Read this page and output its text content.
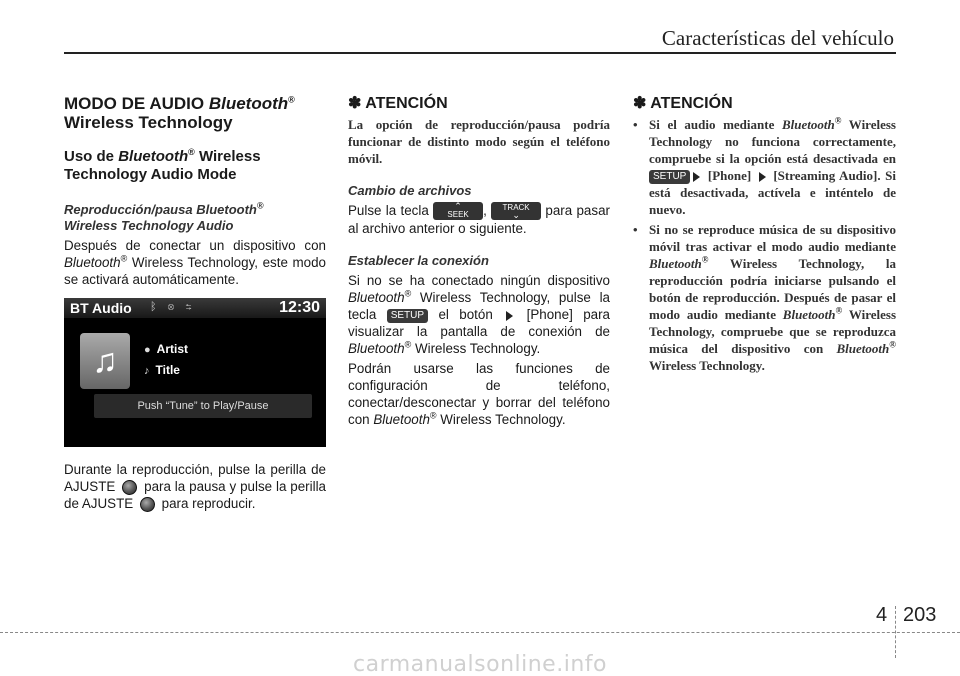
Características del vehículo
MODO DE AUDIO Bluetooth®
Wireless Technology
Uso de Bluetooth® Wireless Technology Audio Mode
Reproducción/pausa Bluetooth®
Wireless Technology Audio
Después de conectar un dispositivo con Bluetooth® Wireless Technology, este modo se activará automáticamente.
BT Audio ᛒ ⊗ ⇆	12:30
♫	● Artist
♪ Title
Push “Tune” to Play/Pause
Durante la reproducción, pulse la perilla de AJUSTE  para la pausa y pulse la perilla de AJUSTE  para reproducir.
✽ ATENCIÓN
La opción de reproducción/pausa podría funcionar de distinto modo según el teléfono móvil.
Cambio de archivos
Pulse la tecla	⌃
SEEK	,	TRACK
⌄	para pasar al archivo anterior o siguiente.
Establecer la conexión
Si no se ha conectado ningún dispositivo Bluetooth® Wireless Technology, pulse la tecla SETUP el botón  [Phone] para visualizar la pantalla de conexión de Bluetooth® Wireless Technology.
Podrán usarse las funciones de configuración de teléfono, conectar/desconectar y borrar del teléfono con Bluetooth® Wireless Technology.
✽ ATENCIÓN
• Si el audio mediante Bluetooth® Wireless Technology no funciona correctamente, compruebe si la opción está desactivada en SETUP [Phone]  [Streaming Audio]. Si está desactivada, actívela e inténtelo de nuevo.
• Si no se reproduce música de su dispositivo móvil tras activar el modo audio mediante Bluetooth® Wireless Technology, la reproducción podría iniciarse pulsando el botón de reproducción. Después de pasar el modo audio mediante Bluetooth® Wireless Technology, compruebe que se reproduzca música del dispositivo con Bluetooth® Wireless Technology.
4 203
carmanualsonline.info
